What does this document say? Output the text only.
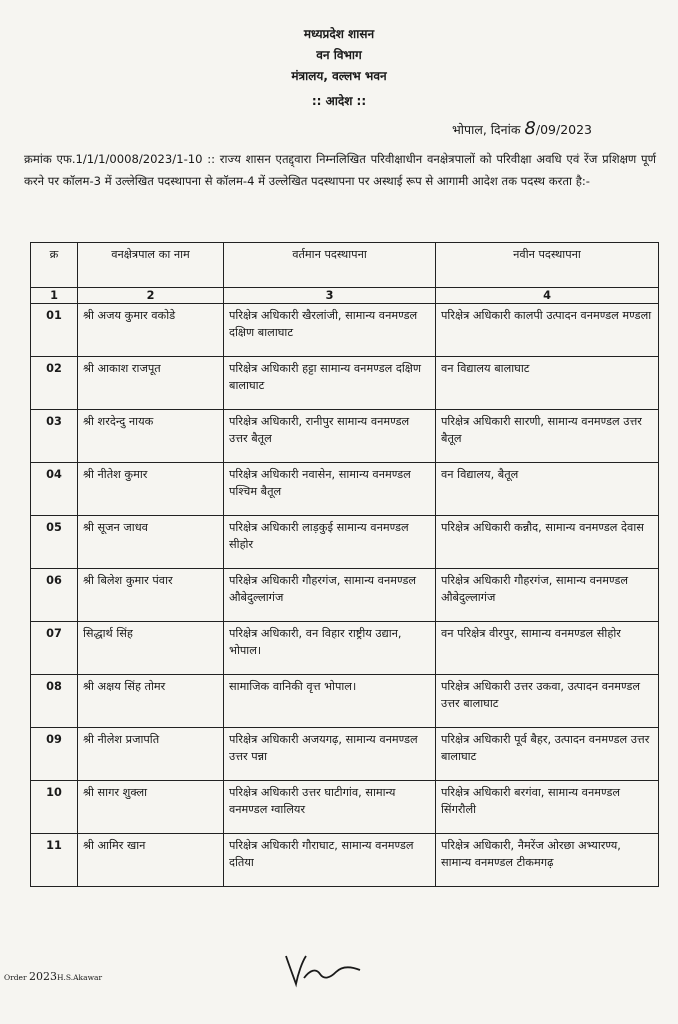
मध्यप्रदेश शासन
वन विभाग
मंत्रालय, वल्लभ भवन
:: आदेश ::
भोपाल, दिनांक 8/09/2023
क्रमांक एफ.1/1/1/0008/2023/1-10 :: राज्य शासन एतद्द्वारा निम्नलिखित परिवीक्षाधीन वनक्षेत्रपालों को परिवीक्षा अवधि एवं रेंज प्रशिक्षण पूर्ण करने पर कॉलम-3 में उल्लेखित पदस्थापना से कॉलम-4 में उल्लेखित पदस्थापना पर अस्थाई रूप से आगामी आदेश तक पदस्थ करता है:-
क्र	वनक्षेत्रपाल का नाम	वर्तमान पदस्थापना	नवीन पदस्थापना
1	2	3	4
01	श्री अजय कुमार वकोडे	परिक्षेत्र अधिकारी खैरलांजी, सामान्य वनमण्डल दक्षिण बालाघाट	परिक्षेत्र अधिकारी कालपी उत्पादन वनमण्डल मण्डला
02	श्री आकाश राजपूत	परिक्षेत्र अधिकारी हट्टा सामान्य वनमण्डल दक्षिण बालाघाट	वन विद्यालय बालाघाट
03	श्री शरदेन्दु नायक	परिक्षेत्र अधिकारी, रानीपुर सामान्य वनमण्डल उत्तर बैतूल	परिक्षेत्र अधिकारी सारणी, सामान्य वनमण्डल उत्तर बैतूल
04	श्री नीतेश कुमार	परिक्षेत्र अधिकारी नवासेन, सामान्य वनमण्डल पश्चिम बैतूल	वन विद्यालय, बैतूल
05	श्री सूजन जाधव	परिक्षेत्र अधिकारी लाड़कुई सामान्य वनमण्डल सीहोर	परिक्षेत्र अधिकारी कन्नौद, सामान्य वनमण्डल देवास
06	श्री बिलेश कुमार पंवार	परिक्षेत्र अधिकारी गौहरगंज, सामान्य वनमण्डल औबेदुल्लागंज	परिक्षेत्र अधिकारी गौहरगंज, सामान्य वनमण्डल औबेदुल्लागंज
07	सिद्धार्थ सिंह	परिक्षेत्र अधिकारी, वन विहार राष्ट्रीय उद्यान, भोपाल।	वन परिक्षेत्र वीरपुर, सामान्य वनमण्डल सीहोर
08	श्री अक्षय सिंह तोमर	सामाजिक वानिकी वृत्त भोपाल।	परिक्षेत्र अधिकारी उत्तर उकवा, उत्पादन वनमण्डल उत्तर बालाघाट
09	श्री नीलेश प्रजापति	परिक्षेत्र अधिकारी अजयगढ़, सामान्य वनमण्डल उत्तर पन्ना	परिक्षेत्र अधिकारी पूर्व बैहर, उत्पादन वनमण्डल उत्तर बालाघाट
10	श्री सागर शुक्ला	परिक्षेत्र अधिकारी उत्तर घाटीगांव, सामान्य वनमण्डल ग्वालियर	परिक्षेत्र अधिकारी बरगंवा, सामान्य वनमण्डल सिंगरौली
11	श्री आमिर खान	परिक्षेत्र अधिकारी गौराघाट, सामान्य वनमण्डल दतिया	परिक्षेत्र अधिकारी, नैमरेंज ओरछा अभ्यारण्य, सामान्य वनमण्डल टीकमगढ़
Order 2023H.S.Akawar
